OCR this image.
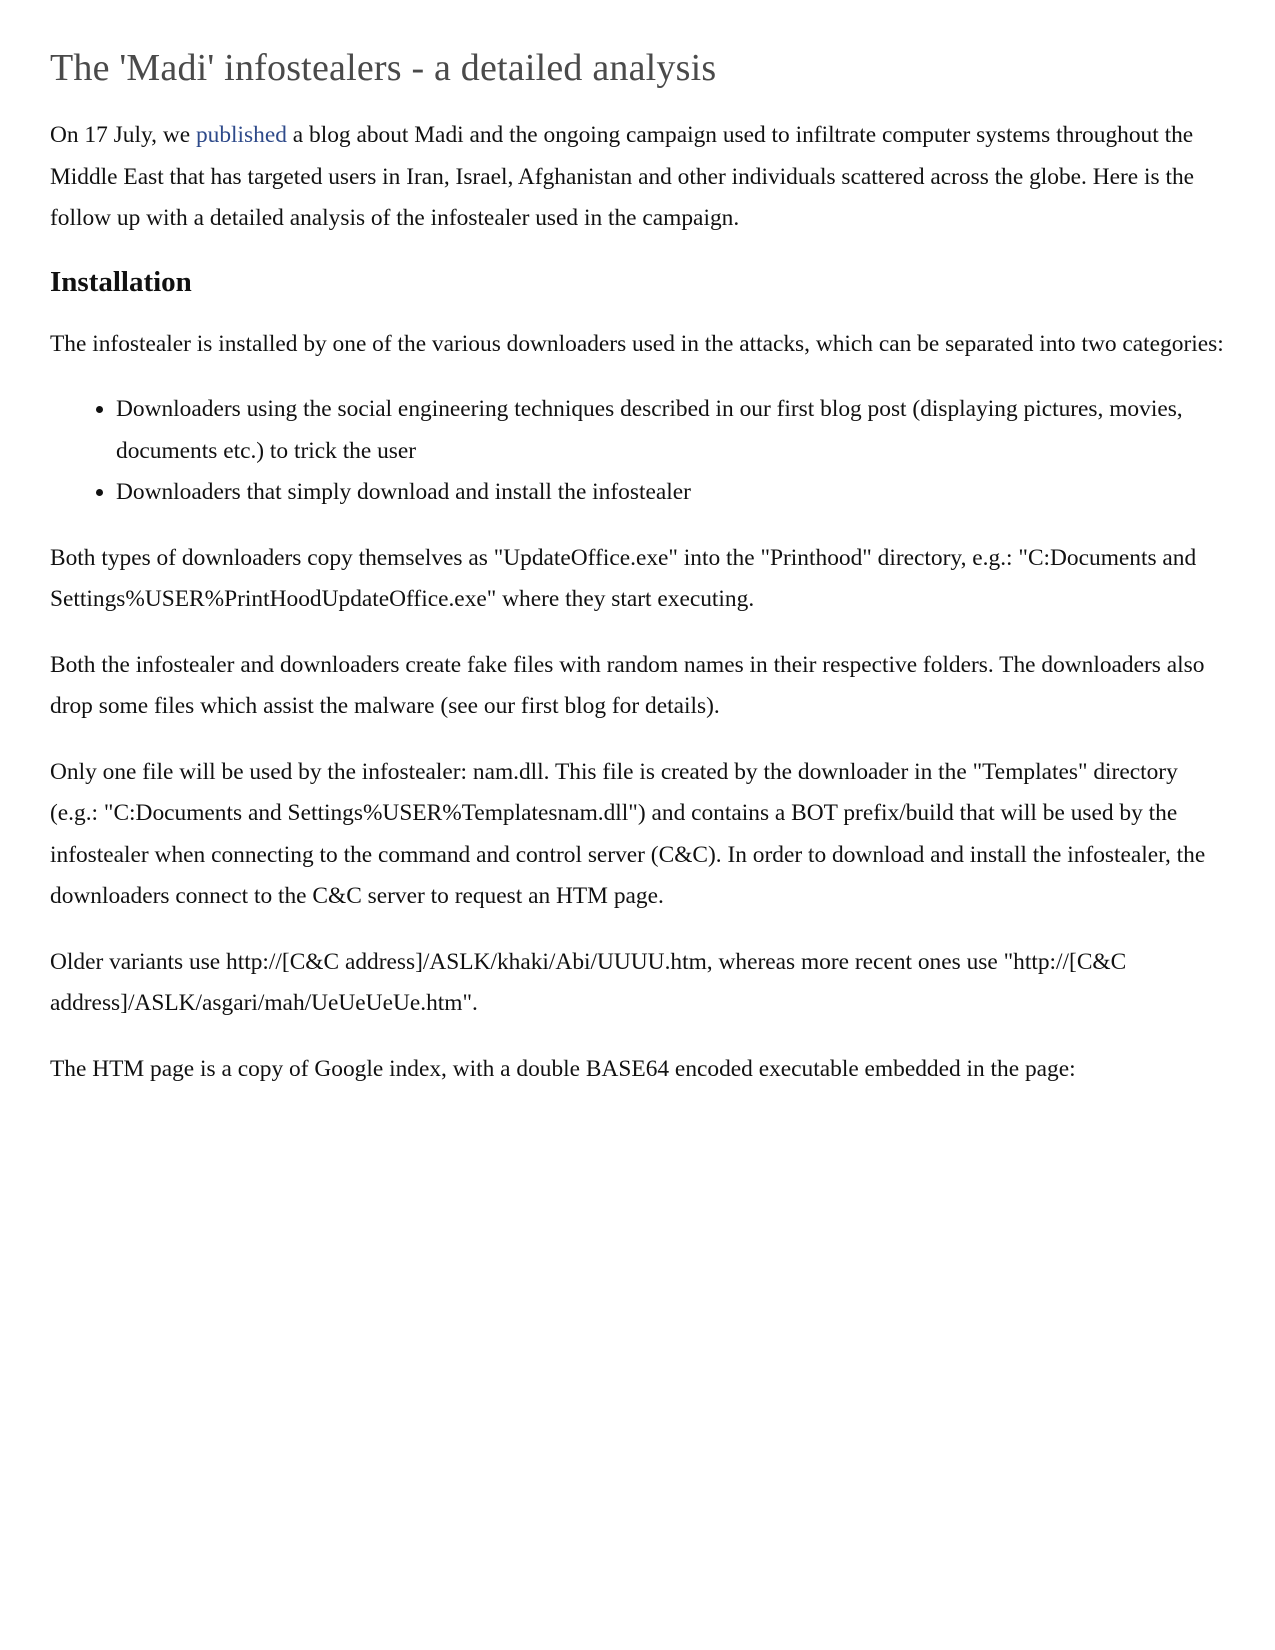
The 'Madi' infostealers - a detailed analysis

On 17 July, we published a blog about Madi and the ongoing campaign used to infiltrate computer systems throughout the Middle East that has targeted users in Iran, Israel, Afghanistan and other individuals scattered across the globe. Here is the follow up with a detailed analysis of the infostealer used in the campaign.

Installation

The infostealer is installed by one of the various downloaders used in the attacks, which can be separated into two categories:

• Downloaders using the social engineering techniques described in our first blog post (displaying pictures, movies, documents etc.) to trick the user
• Downloaders that simply download and install the infostealer

Both types of downloaders copy themselves as "UpdateOffice.exe" into the "Printhood" directory, e.g.: "C:Documents and Settings%USER%PrintHoodUpdateOffice.exe" where they start executing.

Both the infostealer and downloaders create fake files with random names in their respective folders. The downloaders also drop some files which assist the malware (see our first blog for details).

Only one file will be used by the infostealer: nam.dll. This file is created by the downloader in the "Templates" directory (e.g.: "C:Documents and Settings%USER%Templatesnam.dll") and contains a BOT prefix/build that will be used by the infostealer when connecting to the command and control server (C&C). In order to download and install the infostealer, the downloaders connect to the C&C server to request an HTM page.

Older variants use http://[C&C address]/ASLK/khaki/Abi/UUUU.htm, whereas more recent ones use "http://[C&C address]/ASLK/asgari/mah/UeUeUeUe.htm".

The HTM page is a copy of Google index, with a double BASE64 encoded executable embedded in the page:
